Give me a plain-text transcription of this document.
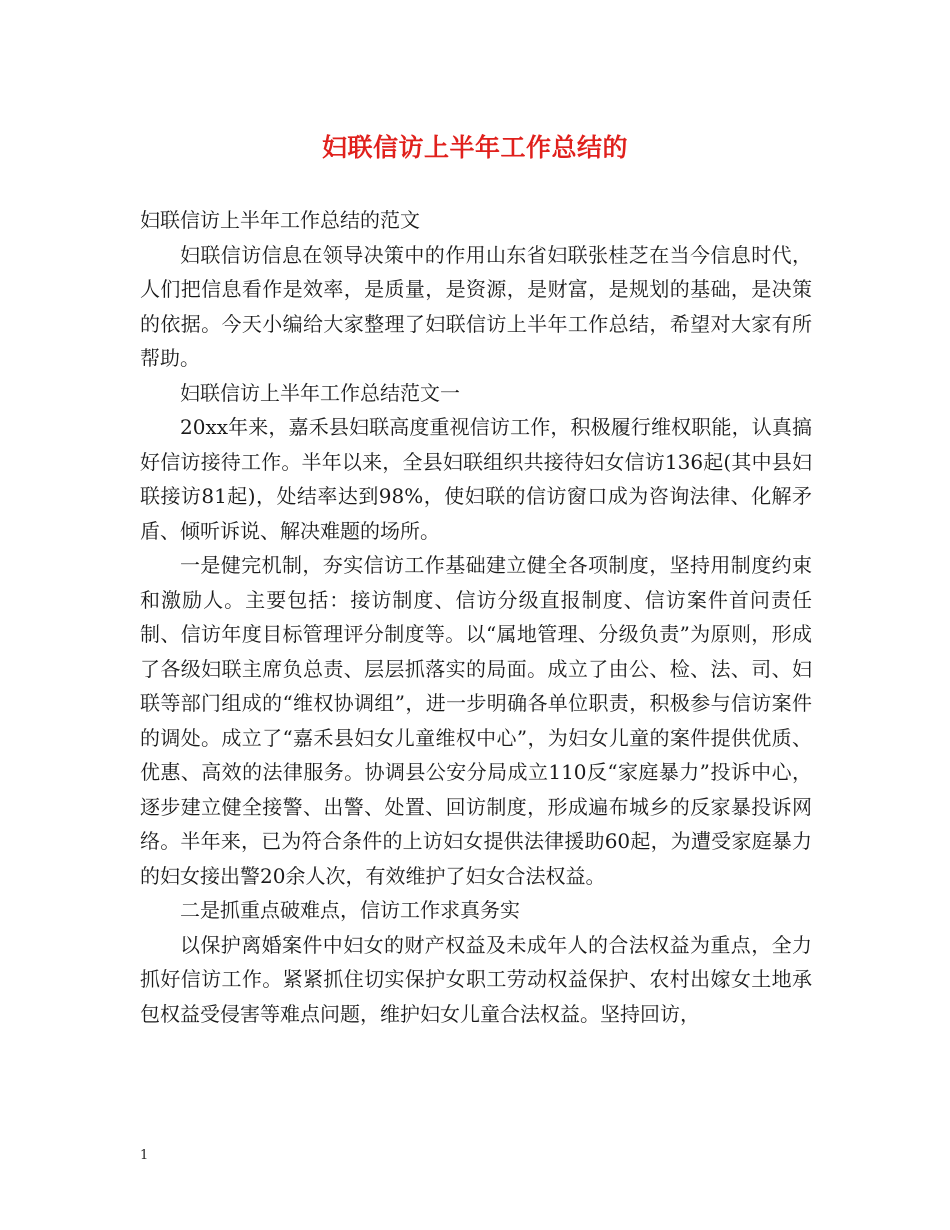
妇联信访上半年工作总结的

妇联信访上半年工作总结的范文

妇联信访信息在领导决策中的作用山东省妇联张桂芝在当今信息时代，人们把信息看作是效率，是质量，是资源，是财富，是规划的基础，是决策的依据。今天小编给大家整理了妇联信访上半年工作总结，希望对大家有所帮助。

妇联信访上半年工作总结范文一

20xx年来，嘉禾县妇联高度重视信访工作，积极履行维权职能，认真搞好信访接待工作。半年以来，全县妇联组织共接待妇女信访136起(其中县妇联接访81起)，处结率达到98%，使妇联的信访窗口成为咨询法律、化解矛盾、倾听诉说、解决难题的场所。

一是健完机制，夯实信访工作基础建立健全各项制度，坚持用制度约束和激励人。主要包括：接访制度、信访分级直报制度、信访案件首问责任制、信访年度目标管理评分制度等。以“属地管理、分级负责”为原则，形成了各级妇联主席负总责、层层抓落实的局面。成立了由公、检、法、司、妇联等部门组成的“维权协调组”，进一步明确各单位职责，积极参与信访案件的调处。成立了“嘉禾县妇女儿童维权中心”，为妇女儿童的案件提供优质、优惠、高效的法律服务。协调县公安分局成立110反“家庭暴力”投诉中心，逐步建立健全接警、出警、处置、回访制度，形成遍布城乡的反家暴投诉网络。半年来，已为符合条件的上访妇女提供法律援助60起，为遭受家庭暴力的妇女接出警20余人次，有效维护了妇女合法权益。

二是抓重点破难点，信访工作求真务实

以保护离婚案件中妇女的财产权益及未成年人的合法权益为重点，全力抓好信访工作。紧紧抓住切实保护女职工劳动权益保护、农村出嫁女土地承包权益受侵害等难点问题，维护妇女儿童合法权益。坚持回访，

1
